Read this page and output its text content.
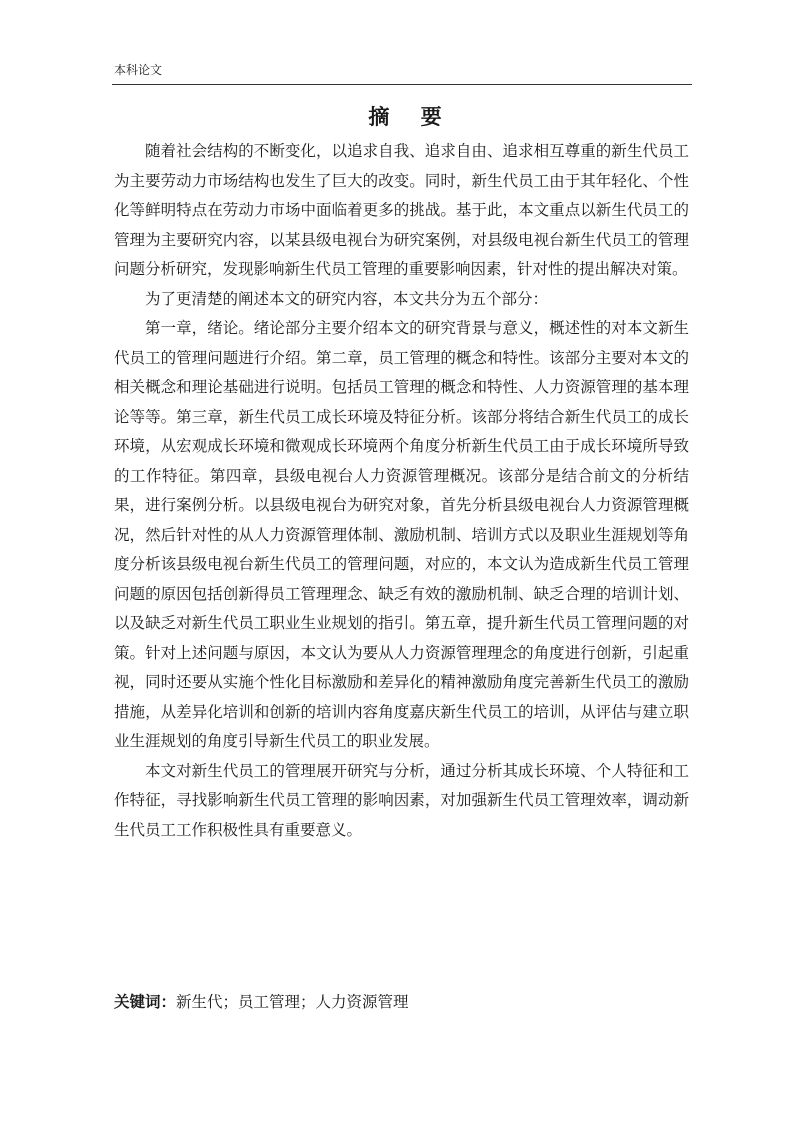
本科论文
摘 要

随着社会结构的不断变化，以追求自我、追求自由、追求相互尊重的新生代员工为主要劳动力市场结构也发生了巨大的改变。同时，新生代员工由于其年轻化、个性化等鲜明特点在劳动力市场中面临着更多的挑战。基于此，本文重点以新生代员工的管理为主要研究内容，以某县级电视台为研究案例，对县级电视台新生代员工的管理问题分析研究，发现影响新生代员工管理的重要影响因素，针对性的提出解决对策。

为了更清楚的阐述本文的研究内容，本文共分为五个部分：

第一章，绪论。绪论部分主要介绍本文的研究背景与意义，概述性的对本文新生代员工的管理问题进行介绍。第二章，员工管理的概念和特性。该部分主要对本文的相关概念和理论基础进行说明。包括员工管理的概念和特性、人力资源管理的基本理论等等。第三章，新生代员工成长环境及特征分析。该部分将结合新生代员工的成长环境，从宏观成长环境和微观成长环境两个角度分析新生代员工由于成长环境所导致的工作特征。第四章，县级电视台人力资源管理概况。该部分是结合前文的分析结果，进行案例分析。以县级电视台为研究对象，首先分析县级电视台人力资源管理概况，然后针对性的从人力资源管理体制、激励机制、培训方式以及职业生涯规划等角度分析该县级电视台新生代员工的管理问题，对应的，本文认为造成新生代员工管理问题的原因包括创新得员工管理理念、缺乏有效的激励机制、缺乏合理的培训计划、以及缺乏对新生代员工职业生业规划的指引。第五章，提升新生代员工管理问题的对策。针对上述问题与原因，本文认为要从人力资源管理理念的角度进行创新，引起重视，同时还要从实施个性化目标激励和差异化的精神激励角度完善新生代员工的激励措施，从差异化培训和创新的培训内容角度嘉庆新生代员工的培训，从评估与建立职业生涯规划的角度引导新生代员工的职业发展。

本文对新生代员工的管理展开研究与分析，通过分析其成长环境、个人特征和工作特征，寻找影响新生代员工管理的影响因素，对加强新生代员工管理效率，调动新生代员工工作积极性具有重要意义。

关键词：新生代；员工管理；人力资源管理
